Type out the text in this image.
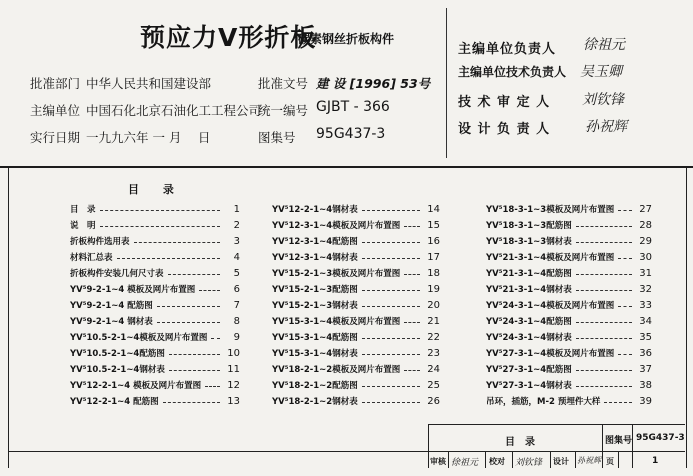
预应力V形折板
碳素钢丝折板构件
批准部门 中华人民共和国建设部	批准文号 建 设 [1996] 53号
主编单位 中国石化北京石油化工工程公司
统一编号 GJBT - 366
实行日期 一九九六年 一 月　 日	图集号 95G437-3
主编单位负责人 徐祖元
主编单位技术负责人 吴玉卿
技 术 审 定 人 刘钦锋
设 计 负 责 人 孙祝辉
目 录
目　录	1
说　明	2
折板构件选用表	3
材料汇总表	4
折板构件安装几何尺寸表	5
YV⁵9-2-1~4 模板及网片布置图	6
YV⁵9-2-1~4 配筋图	7
YV⁵9-2-1~4 钢材表	8
YV⁵10.5-2-1~4模板及网片布置图	9
YV⁵10.5-2-1~4配筋图	10
YV⁵10.5-2-1~4钢材表	11
YV⁵12-2-1~4 模板及网片布置图	12
YV⁵12-2-1~4 配筋图	13
YV⁵12-2-1~4钢材表	14
YV⁵12-3-1~4模板及网片布置图	15
YV⁵12-3-1~4配筋图	16
YV⁵12-3-1~4钢材表	17
YV⁵15-2-1~3模板及网片布置图	18
YV⁵15-2-1~3配筋图	19
YV⁵15-2-1~3钢材表	20
YV⁵15-3-1~4模板及网片布置图	21
YV⁵15-3-1~4配筋图	22
YV⁵15-3-1~4钢材表	23
YV⁵18-2-1~2模板及网片布置图	24
YV⁵18-2-1~2配筋图	25
YV⁵18-2-1~2钢材表	26
YV⁵18-3-1~3模板及网片布置图	27
YV⁵18-3-1~3配筋图	28
YV⁵18-3-1~3钢材表	29
YV⁵21-3-1~4模板及网片布置图	30
YV⁵21-3-1~4配筋图	31
YV⁵21-3-1~4钢材表	32
YV⁵24-3-1~4模板及网片布置图	33
YV⁵24-3-1~4配筋图	34
YV⁵24-3-1~4钢材表	35
YV⁵27-3-1~4模板及网片布置图	36
YV⁵27-3-1~4配筋图	37
YV⁵27-3-1~4钢材表	38
吊环，插筋，M-2 预埋件大样	39
目　录	图集号 95G437-3
审核 徐祖元 校对 刘钦锋 设计 孙祝辉 页	1
